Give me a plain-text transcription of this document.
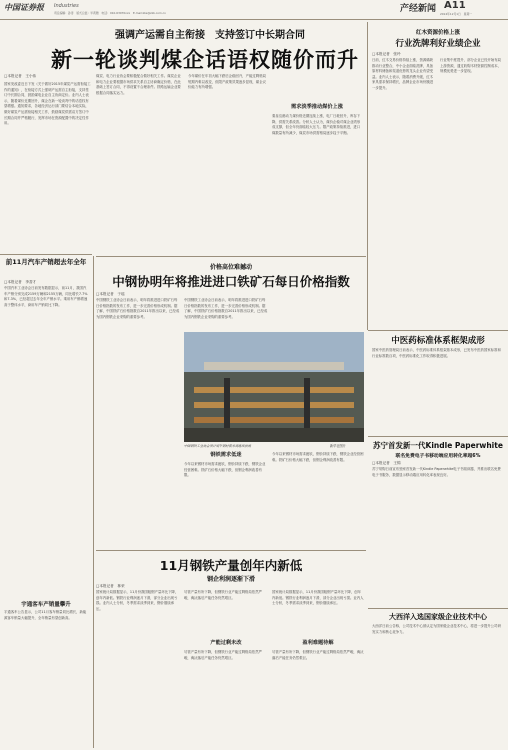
中国证券报 Industries
责任编辑：孙涛　版式总监：毕莉雅　电话：010-63070xxx　E-mail:zbs@zzb.com.cn	产经新闻 A11
2014年12月1日　星期一
强调产运需自主衔接　支持签订中长期合同
新一轮谈判煤企话语权随价而升
□本报记者　王小伟
国家发改委近日下发《关于做好2015年煤炭产运需衔接工作的通知》，在衔接方式上强调产运需自主衔接，支持签订中长期合同，鼓励煤电企业自主协商定价。业内人士表示，随着煤价近期回升，煤企在新一轮谈判中的话语权有望增强。通知要求，各地经济运行部门要结合本地实际，做好煤炭产运需衔接相关工作，鼓励煤炭供需双方签订中长期合同并严格履行，发挥市场在资源配置中的决定性作用。
煤炭、电力行业协会要积极配合做好相关工作。煤炭企业和电力企业要根据市场供求关系自主协商确定价格，在此基础上签订合同，不得设置不合理条件。铁路运输企业要根据合同落实运力。
今年煤价在年初大幅下跌后企稳回升，产能过剩格局短期内难以改变，但限产政策效果逐步显现，煤企议价能力有所增强。
需求淡季推动煤价上涨
秦皇岛港动力煤价格近期连续上涨，电厂日耗回升，库存下降，供需关系改善。分析人士认为，煤价企稳对煤企业绩形成支撑，但全年仍面临较大压力。限产政策持续推进，进口煤数量有所减少，煤炭市场供需格局逐步趋于平衡。
红木资源价格上涨
行业洗牌利好业绩企业
□本报记者　张玲
日前，红木交易价格持续上涨，资源稀缺推动行业整合，中小企业面临洗牌，具备原材料储备和渠道优势的龙头企业有望受益。业内人士表示，随着消费升级，红木家具需求保持增长，品牌企业市场份额进一步提升。
行业集中度提升，部分企业已经开始布局上游资源，通过收购木材资源控制成本，规模优势进一步显现。
前11月汽车产销超去年全年
□本报记者　李香才
中国汽车工业协会日前发布数据显示，前11月，我国汽车产销分别完成2159万辆和2155万辆，同比增长7.7%和7.3%，已经超过去年全年产销水平。乘用车产销增速高于整体水平，商用车产销同比下降。
宇通客车产销量攀升
宇通客车公告显示，公司11月客车销量同比增长，新能源客车销量大幅提升，全年销量有望创新高。
价格高位难撼动
中钢协明年将推进进口铁矿石每日价格指数
□本报记者　于瑶
中国钢铁工业协会日前表示，明年将推进进口铁矿石每日价格指数的发布工作，进一步完善价格形成机制。据了解，中国铁矿石价格指数自2011年推出以来，已经成为国内钢铁企业采购的重要参考。
中国钢铁工业协会日前表示，明年将推进进口铁矿石每日价格指数的发布工作，进一步完善价格形成机制。据了解，中国铁矿石价格指数自2011年推出以来，已经成为国内钢铁企业采购的重要参考。
中国钢铁工业协会预计明年钢材需求将继续放缓	新华社图片
钢铁需求低迷
今年以来钢材市场需求疲软，钢价持续下跌，钢铁企业经营困难。铁矿石价格大幅下跌，但钢企利润改善有限。
今年以来钢材市场需求疲软，钢价持续下跌，钢铁企业经营困难。铁矿石价格大幅下跌，但钢企利润改善有限。
中医药标准体系框架成形
国家中医药管理局日前表示，中医药标准体系框架基本成形，已发布中医药国家标准和行业标准数百项，中医药标准化工作取得积极进展。
苏宁首发新一代Kindle Paperwhite
联名免费电子书移动端应用转化率超6%
□本报记者　王锦
苏宁易购日前宣布独家首发新一代Kindle Paperwhite电子书阅读器，并推出联名免费电子书服务，数据显示移动端应用转化率表现良好。
11月钢铁产量创年内新低
钢企利润逐渐下滑
□本报记者　林荣
国家统计局数据显示，11月份我国粗钢产量环比下降，创年内新低。钢铁行业利润逐月下滑，部分企业出现亏损。业内人士分析，冬季需求淡季到来，钢价继续承压。
产能过剩未改
尽管产量有所下降，但钢铁行业产能过剩格局依然严峻，淘汰落后产能任务仍然艰巨。
尽管产量有所下降，但钢铁行业产能过剩格局依然严峻，淘汰落后产能任务仍然艰巨。
盈利难题待解
国家统计局数据显示，11月份我国粗钢产量环比下降，创年内新低。钢铁行业利润逐月下滑，部分企业出现亏损。业内人士分析，冬季需求淡季到来，钢价继续承压。
尽管产量有所下降，但钢铁行业产能过剩格局依然严峻，淘汰落后产能任务仍然艰巨。
大西洋入选国家级企业技术中心
大西洋日前公告称，公司技术中心被认定为国家级企业技术中心，将进一步提升公司研发实力和核心竞争力。
